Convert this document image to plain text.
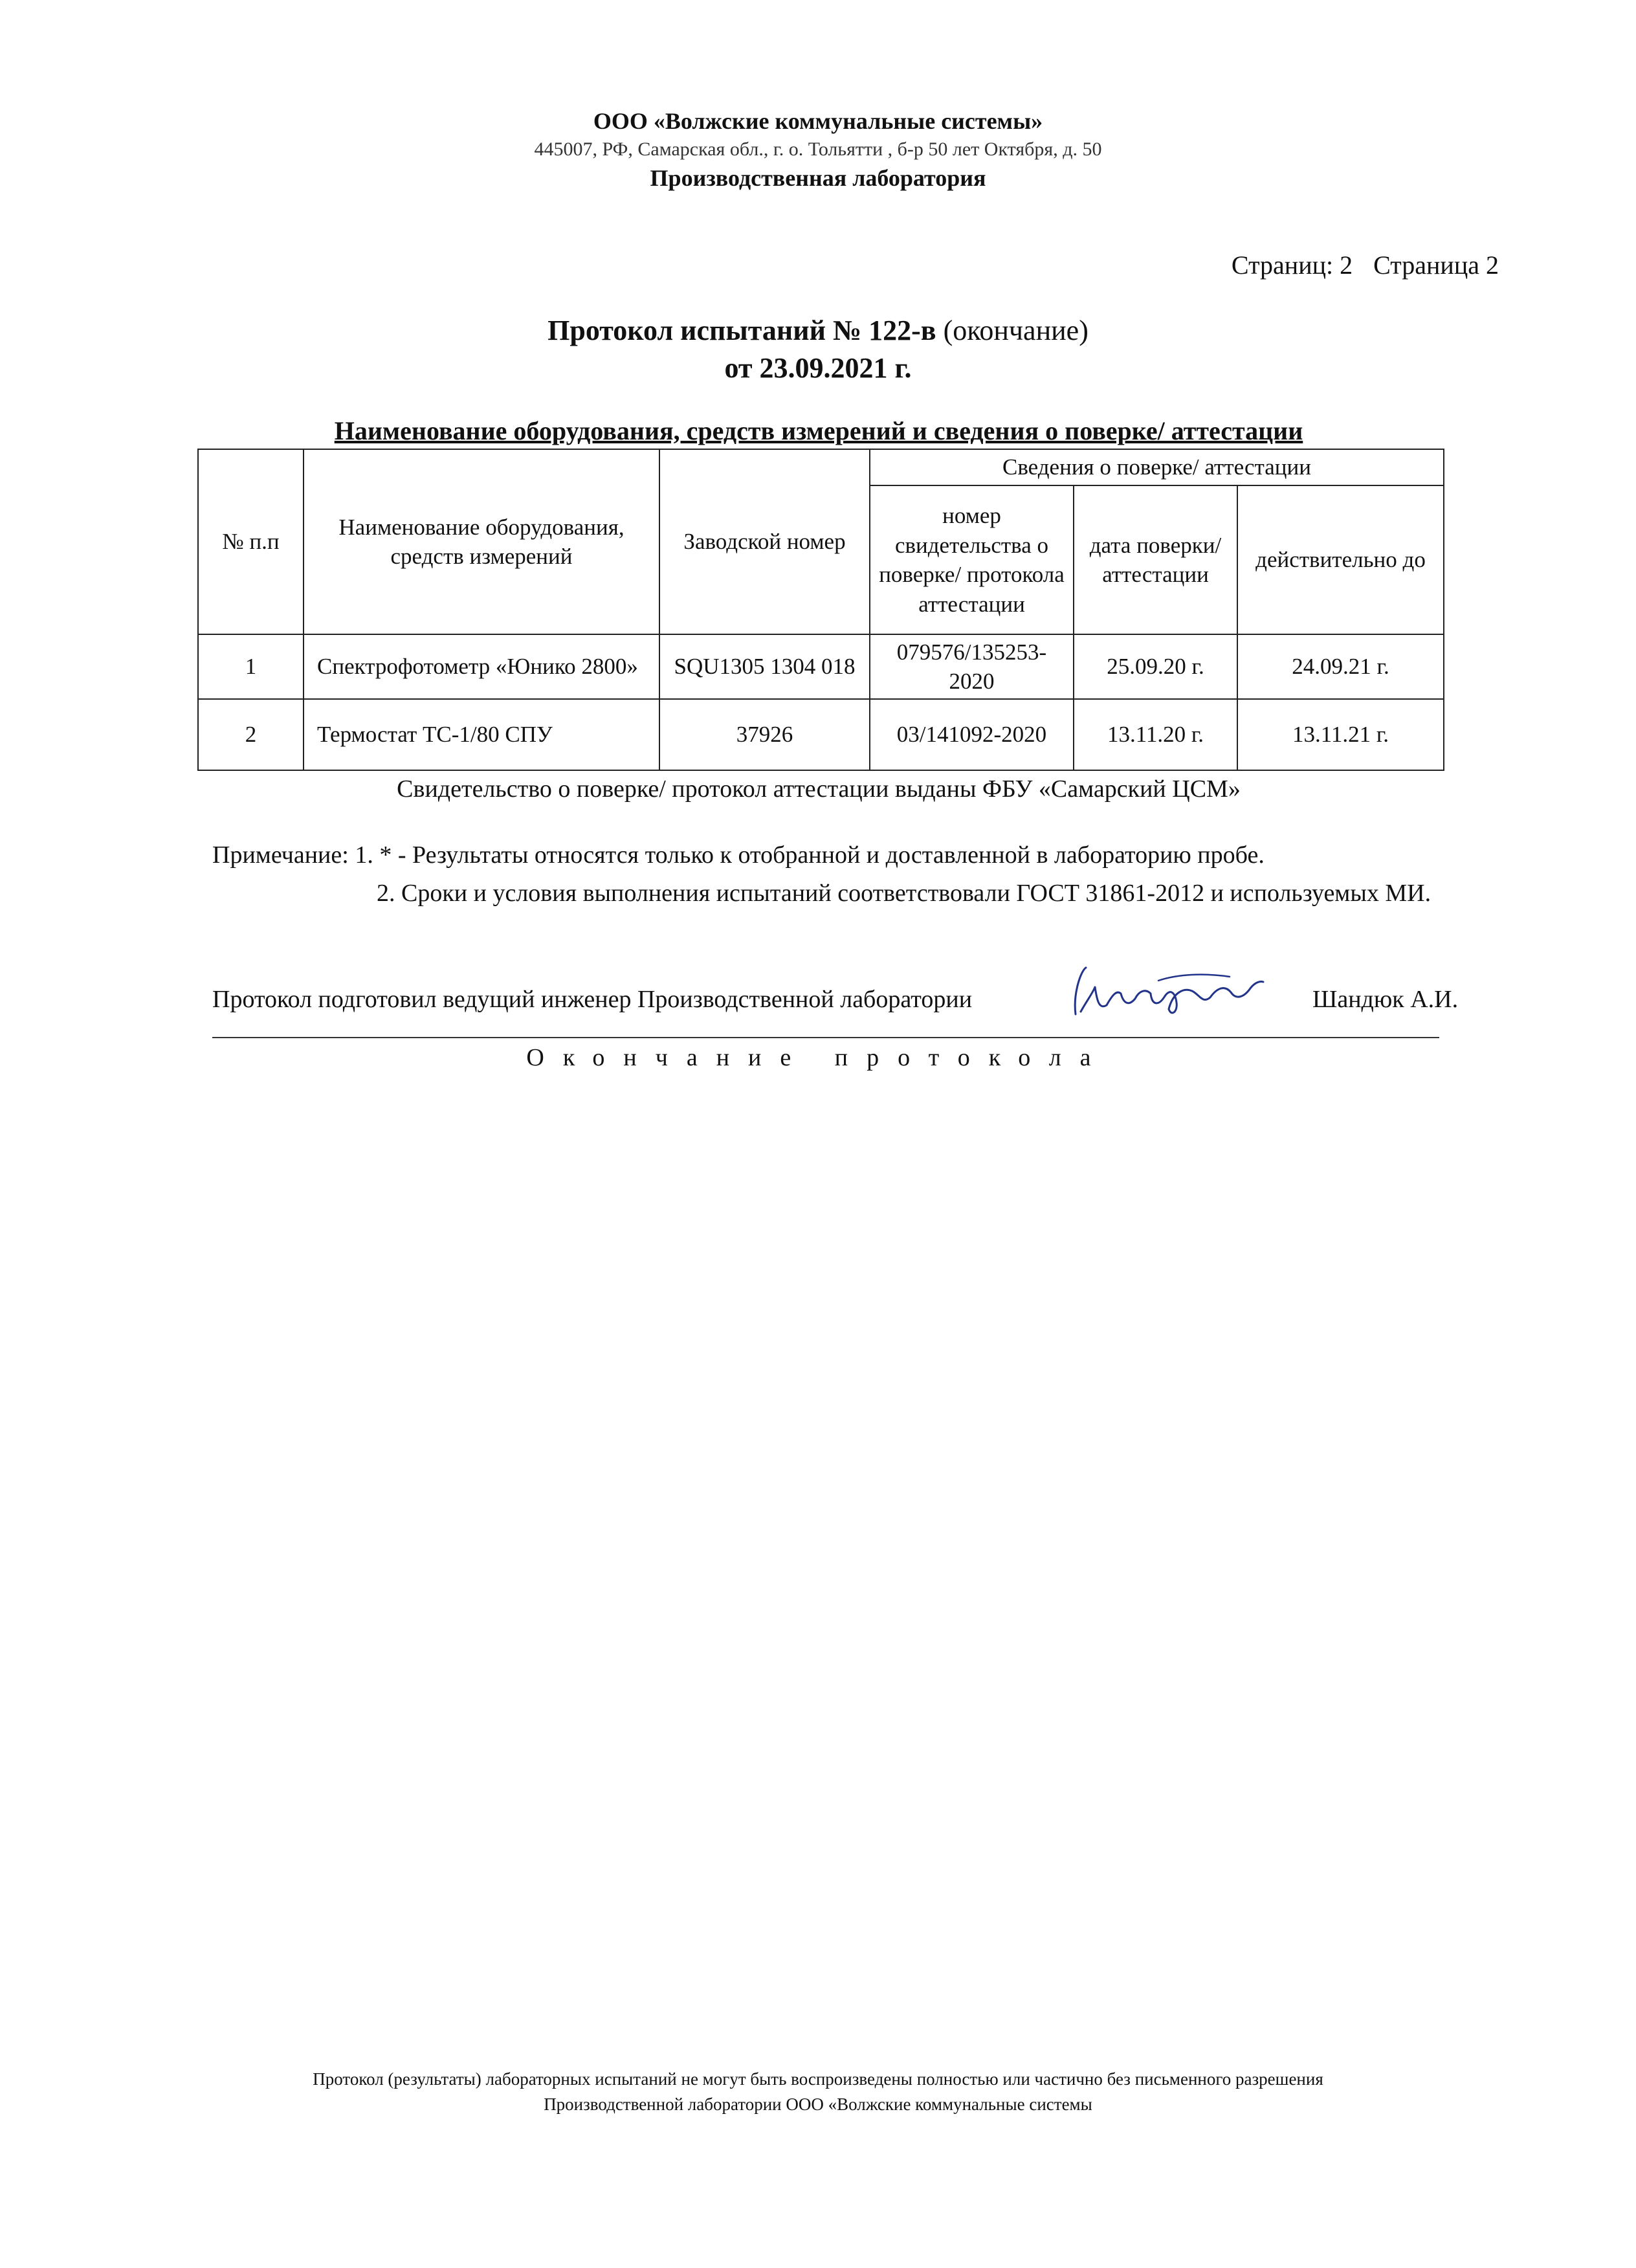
ООО «Волжские коммунальные системы»
445007, РФ, Самарская обл., г. о. Тольятти , б-р 50 лет Октября, д. 50
Производственная лаборатория
Страниц: 2 Страница 2
Протокол испытаний № 122-в (окончание)
от 23.09.2021 г.
Наименование оборудования, средств измерений и сведения о поверке/ аттестации
№ п.п	Наименование оборудования, средств измерений	Заводской номер	Сведения о поверке/ аттестации		
			номер свидетельства о поверке/ протокола аттестации	дата поверки/ аттестации	действительно до
1	Спектрофотометр «Юнико 2800»	SQU1305 1304 018	079576/135253-2020	25.09.20 г.	24.09.21 г.
2	Термостат ТС-1/80 СПУ	37926	03/141092-2020	13.11.20 г.	13.11.21 г.
Свидетельство о поверке/ протокол аттестации выданы ФБУ «Самарский ЦСМ»
Примечание: 1. * - Результаты относятся только к отобранной и доставленной в лабораторию пробе.
2. Сроки и условия выполнения испытаний соответствовали ГОСТ 31861-2012 и используемых МИ.
Протокол подготовил ведущий инженер Производственной лаборатории	Шандюк А.И.
Окончание протокола
Протокол (результаты) лабораторных испытаний не могут быть воспроизведены полностью или частично без письменного разрешения
Производственной лаборатории ООО «Волжские коммунальные системы
